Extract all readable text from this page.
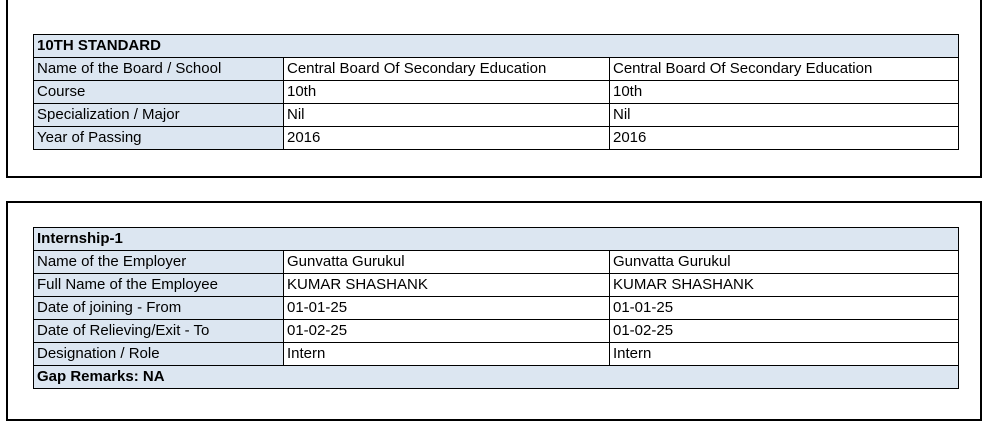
10TH STANDARD		
Name of the Board / School	Central Board Of Secondary Education	Central Board Of Secondary Education
Course	10th	10th
Specialization / Major	Nil	Nil
Year of Passing	2016	2016
Internship-1		
Name of the Employer	Gunvatta Gurukul	Gunvatta Gurukul
Full Name of the Employee	KUMAR SHASHANK	KUMAR SHASHANK
Date of joining - From	01-01-25	01-01-25
Date of Relieving/Exit - To	01-02-25	01-02-25
Designation / Role	Intern	Intern
Gap Remarks: NA		
